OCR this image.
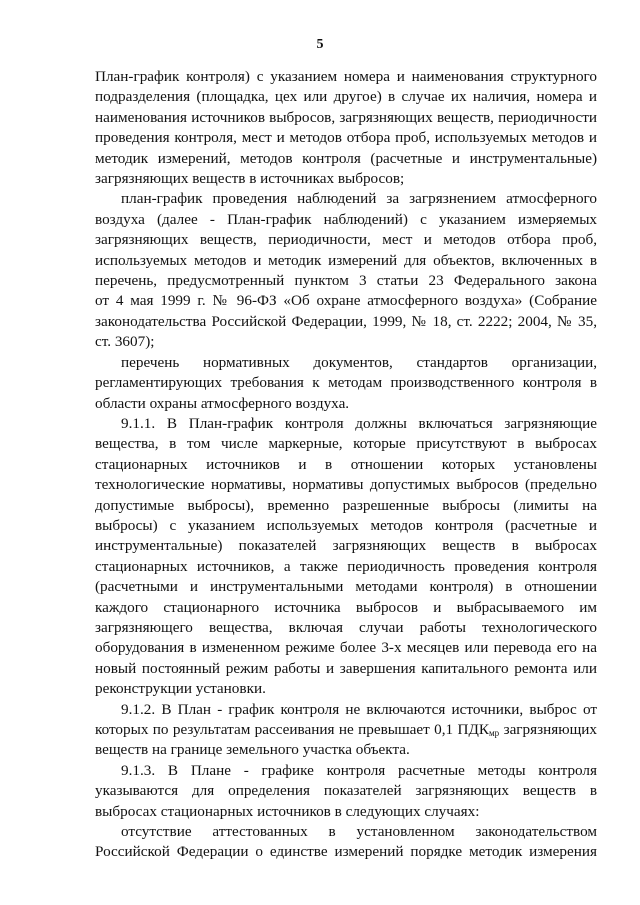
5
План-график контроля) с указанием номера и наименования структурного
подразделения (площадка, цех или другое) в случае их наличия, номера и
наименования источников выбросов, загрязняющих веществ, периодичности
проведения контроля, мест и методов отбора проб, используемых методов и
методик измерений, методов контроля (расчетные и инструментальные)
загрязняющих веществ в источниках выбросов;
план-график проведения наблюдений за загрязнением атмосферного
воздуха (далее - План-график наблюдений) с указанием измеряемых
загрязняющих веществ, периодичности, мест и методов отбора проб,
используемых методов и методик измерений для объектов, включенных в
перечень, предусмотренный пунктом 3 статьи 23 Федерального закона
от 4 мая 1999 г. № 96-ФЗ «Об охране атмосферного воздуха» (Собрание
законодательства Российской Федерации, 1999, № 18, ст. 2222; 2004, № 35,
ст. 3607);
перечень нормативных документов, стандартов организации,
регламентирующих требования к методам производственного контроля в
области охраны атмосферного воздуха.
9.1.1. В План-график контроля должны включаться загрязняющие
вещества, в том числе маркерные, которые присутствуют в выбросах
стационарных источников и в отношении которых установлены
технологические нормативы, нормативы допустимых выбросов (предельно
допустимые выбросы), временно разрешенные выбросы (лимиты на
выбросы) с указанием используемых методов контроля (расчетные и
инструментальные) показателей загрязняющих веществ в выбросах
стационарных источников, а также периодичность проведения контроля
(расчетными и инструментальными методами контроля) в отношении
каждого стационарного источника выбросов и выбрасываемого им
загрязняющего вещества, включая случаи работы технологического
оборудования в измененном режиме более 3-х месяцев или перевода его на
новый постоянный режим работы и завершения капитального ремонта или
реконструкции установки.
9.1.2. В План - график контроля не включаются источники, выброс от
которых по результатам рассеивания не превышает 0,1 $ПДК_{мр}$ загрязняющих
веществ на границе земельного участка объекта.
9.1.3. В Плане - графике контроля расчетные методы контроля
указываются для определения показателей загрязняющих веществ в
выбросах стационарных источников в следующих случаях:
отсутствие аттестованных в установленном законодательством
Российской Федерации о единстве измерений порядке методик измерения
